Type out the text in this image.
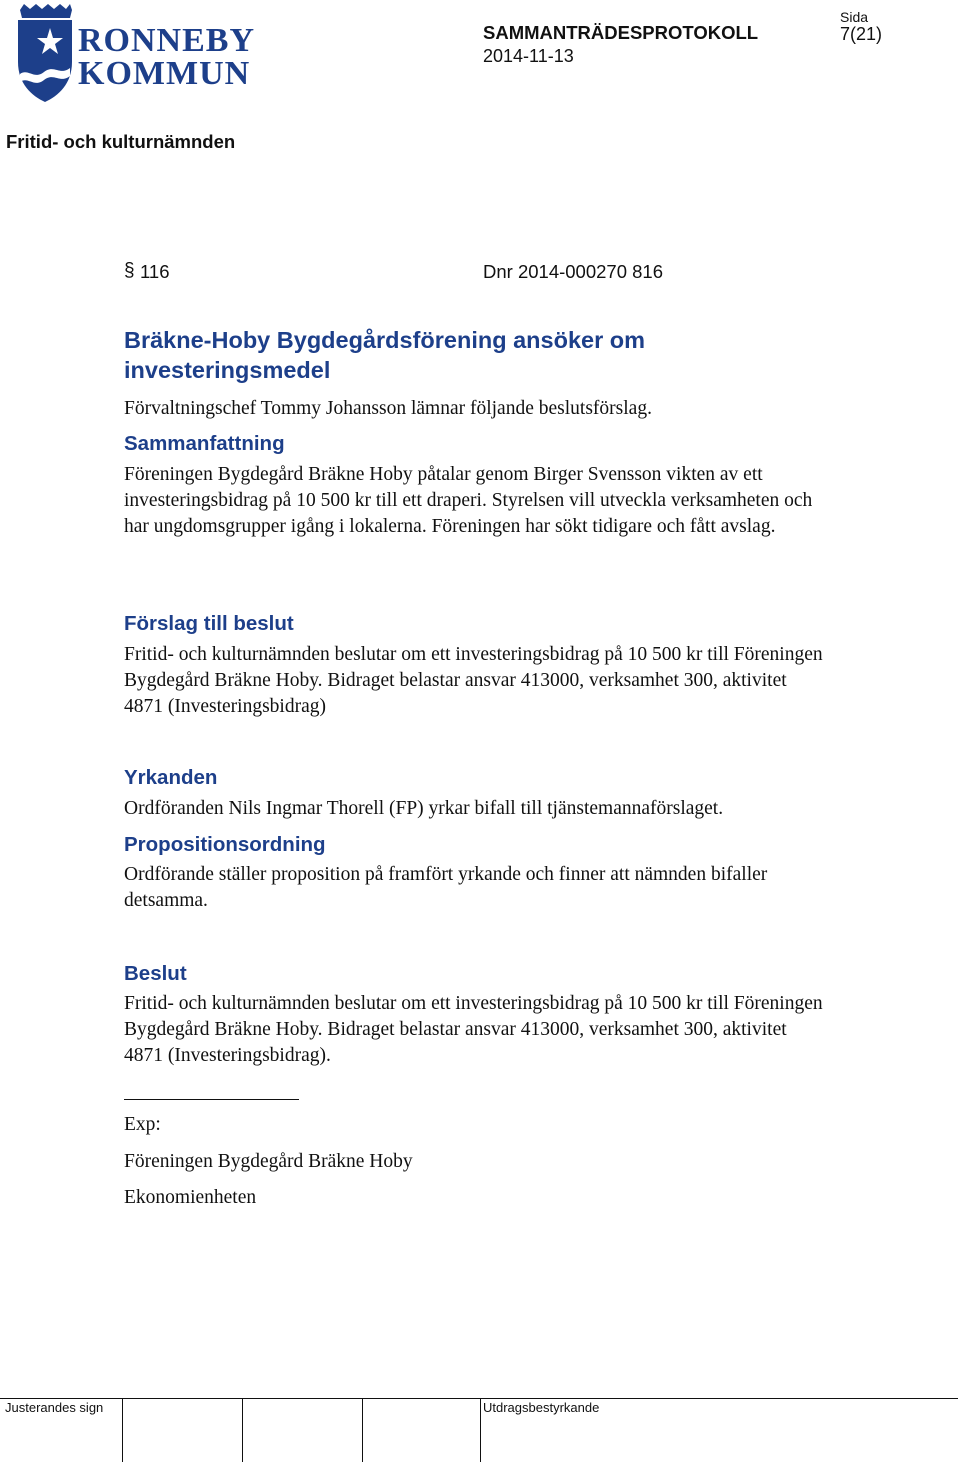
RONNEBY
KOMMUN
SAMMANTRÄDESPROTOKOLL
2014-11-13
Sida
7(21)
Fritid- och kulturnämnden
§ 116	Dnr 2014-000270 816
Bräkne-Hoby Bygdegårdsförening ansöker om investeringsmedel
Förvaltningschef Tommy Johansson lämnar följande beslutsförslag.
Sammanfattning
Föreningen Bygdegård Bräkne Hoby påtalar genom Birger Svensson vikten av ett investeringsbidrag på 10 500 kr till ett draperi. Styrelsen vill utveckla verksamheten och har ungdomsgrupper igång i lokalerna. Föreningen har sökt tidigare och fått avslag.
Förslag till beslut
Fritid- och kulturnämnden beslutar om ett investeringsbidrag på 10 500 kr till Föreningen Bygdegård Bräkne Hoby. Bidraget belastar ansvar 413000, verksamhet 300, aktivitet 4871 (Investeringsbidrag)
Yrkanden
Ordföranden Nils Ingmar Thorell (FP) yrkar bifall till tjänstemannaförslaget.
Propositionsordning
Ordförande ställer proposition på framfört yrkande och finner att nämnden bifaller detsamma.
Beslut
Fritid- och kulturnämnden beslutar om ett investeringsbidrag på 10 500 kr till Föreningen Bygdegård Bräkne Hoby. Bidraget belastar ansvar 413000, verksamhet 300, aktivitet 4871 (Investeringsbidrag).
Exp:
Föreningen Bygdegård Bräkne Hoby
Ekonomienheten
Justerandes sign	Utdragsbestyrkande
